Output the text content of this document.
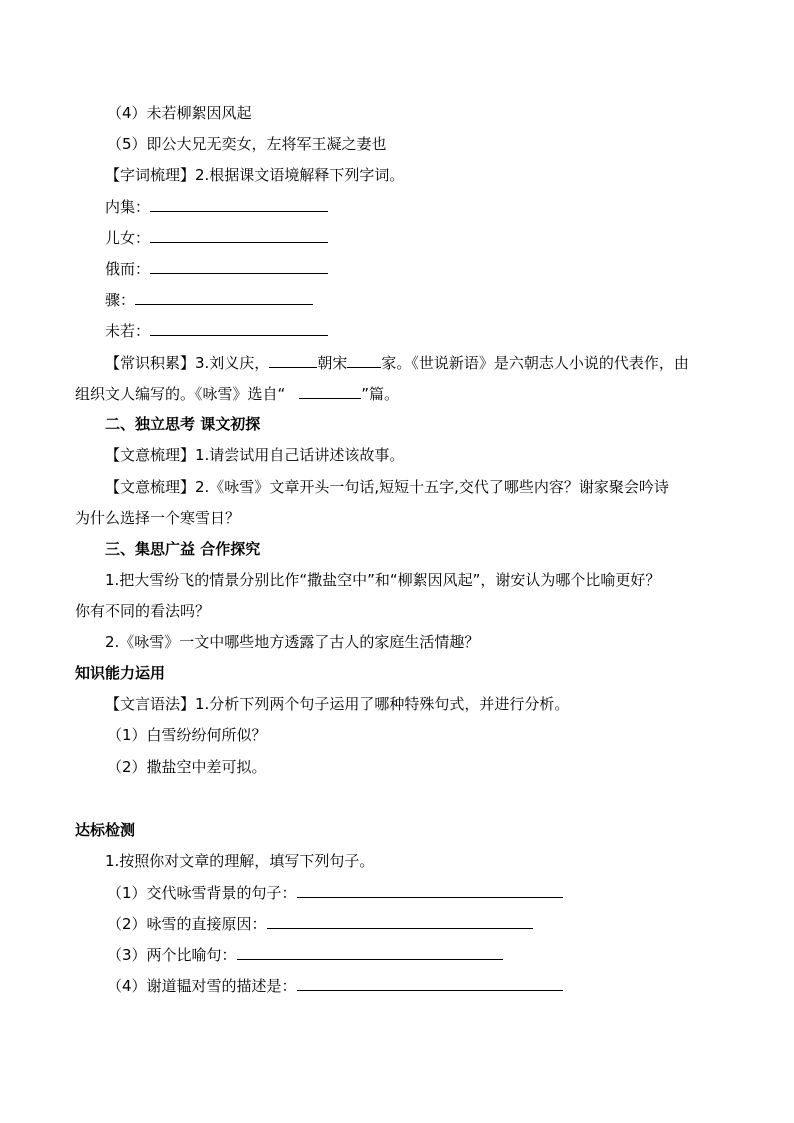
（4）未若柳絮因风起
（5）即公大兄无奕女，左将军王凝之妻也
【字词梳理】2.根据课文语境解释下列字词。
内集：
儿女：
俄而：
骤：
未若：
【常识积累】3.刘义庆，	朝宋 家。《世说新语》是六朝志人小说的代表作，由
组织文人编写的。《咏雪》选自“	”篇。
二、独立思考 课文初探
【文意梳理】1.请尝试用自己话讲述该故事。
【文意梳理】2.《咏雪》文章开头一句话,短短十五字,交代了哪些内容？谢家聚会吟诗
为什么选择一个寒雪日？
三、集思广益 合作探究
1.把大雪纷飞的情景分别比作“撒盐空中”和“柳絮因风起”，谢安认为哪个比喻更好？
你有不同的看法吗？
2.《咏雪》一文中哪些地方透露了古人的家庭生活情趣？
知识能力运用
【文言语法】1.分析下列两个句子运用了哪种特殊句式，并进行分析。
（1）白雪纷纷何所似？
（2）撒盐空中差可拟。
达标检测
1.按照你对文章的理解，填写下列句子。
（1）交代咏雪背景的句子：
（2）咏雪的直接原因：
（3）两个比喻句：
（4）谢道韫对雪的描述是：
